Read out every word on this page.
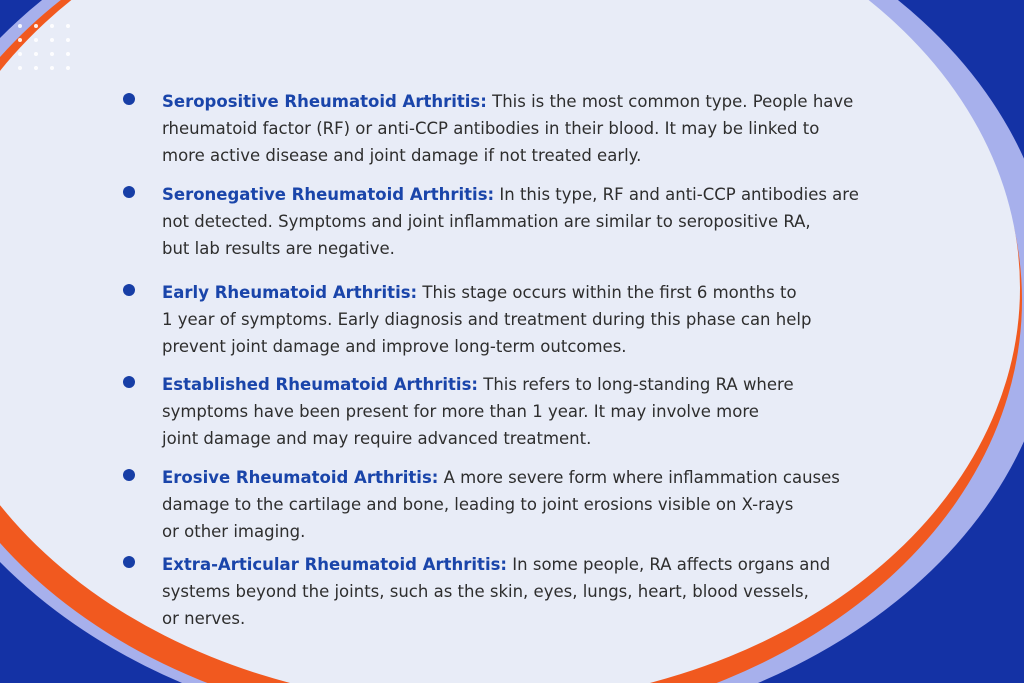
Seropositive Rheumatoid Arthritis: This is the most common type. People have
rheumatoid factor (RF) or anti-CCP antibodies in their blood. It may be linked to
more active disease and joint damage if not treated early.

Seronegative Rheumatoid Arthritis: In this type, RF and anti-CCP antibodies are
not detected. Symptoms and joint inflammation are similar to seropositive RA,
but lab results are negative.

Early Rheumatoid Arthritis: This stage occurs within the first 6 months to
1 year of symptoms. Early diagnosis and treatment during this phase can help
prevent joint damage and improve long-term outcomes.

Established Rheumatoid Arthritis: This refers to long-standing RA where
symptoms have been present for more than 1 year. It may involve more
joint damage and may require advanced treatment.

Erosive Rheumatoid Arthritis: A more severe form where inflammation causes
damage to the cartilage and bone, leading to joint erosions visible on X-rays
or other imaging.

Extra-Articular Rheumatoid Arthritis: In some people, RA affects organs and
systems beyond the joints, such as the skin, eyes, lungs, heart, blood vessels,
or nerves.
